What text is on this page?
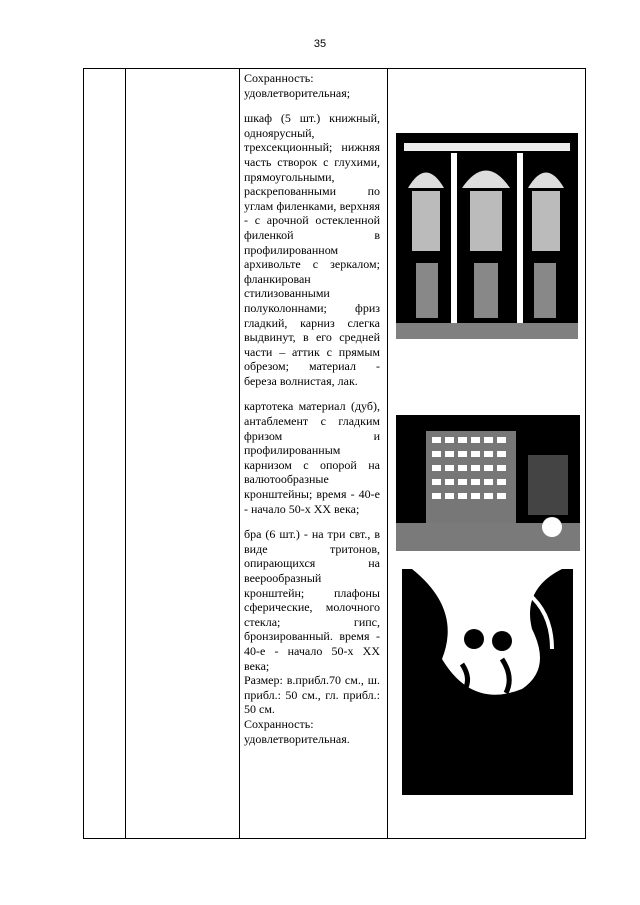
35

Сохранность: удовлетворительная;

шкаф (5 шт.) книжный, одноярусный, трехсекционный; нижняя часть створок с глухими, прямоугольными, раскрепованными по углам филенками, верхняя - с арочной остекленной филенкой в профилированном архивольте с зеркалом; фланкирован стилизованными полуколоннами; фриз гладкий, карниз слегка выдвинут, в его средней части – аттик с прямым обрезом; материал - береза волнистая, лак.

картотека материал (дуб), антаблемент с гладким фризом и профилированным карнизом с опорой на валютообразные кронштейны; время - 40-е - начало 50-х XX века;

бра (6 шт.) - на три свт., в виде тритонов, опирающихся на веерообразный кронштейн; плафоны сферические, молочного стекла; гипс, бронзированный. время - 40-е - начало 50-х XX века;

Размер: в.прибл.70 см., ш. прибл.: 50 см., гл. прибл.: 50 см.

Сохранность: удовлетворительная.
